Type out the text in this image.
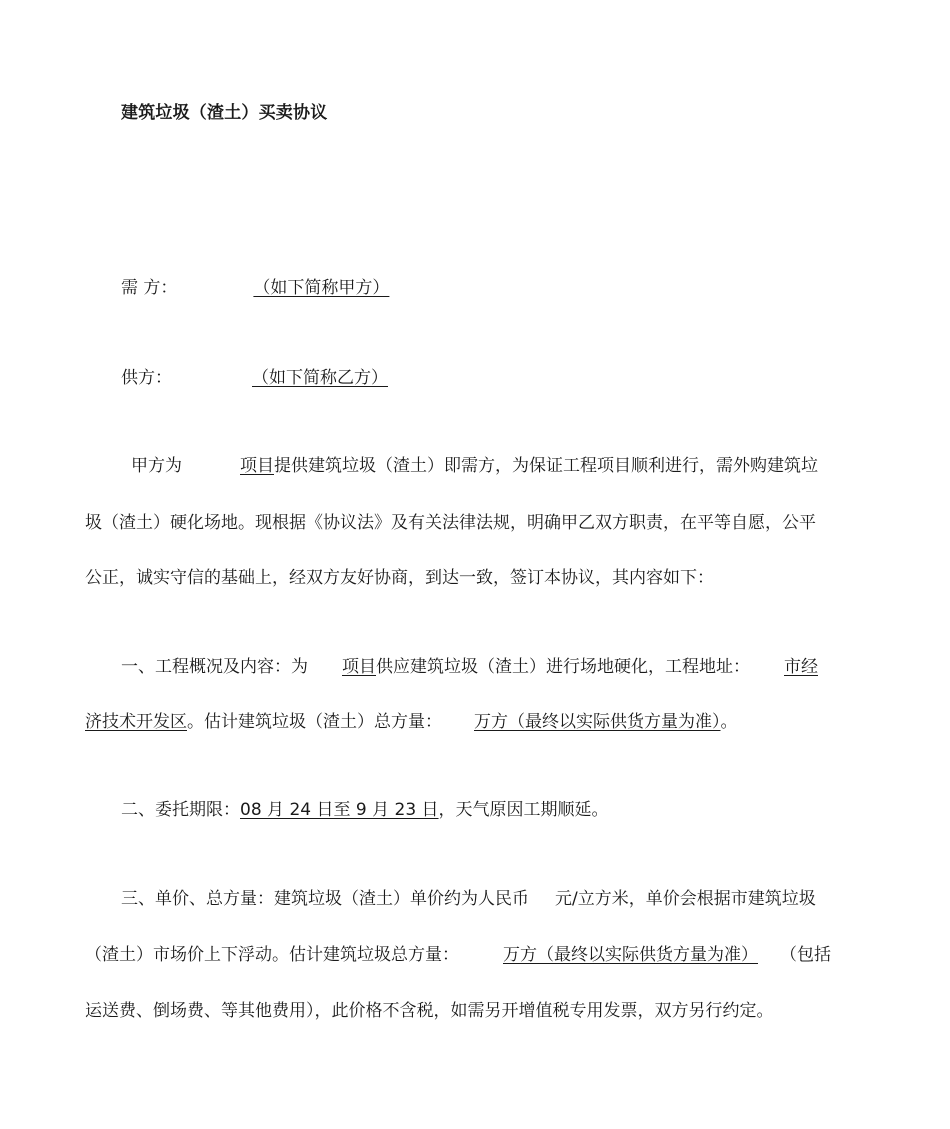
建筑垃圾（渣土）买卖协议
需 方：	（如下简称甲方）
供方：	（如下简称乙方）
甲方为	项目提供建筑垃圾（渣土）即需方，为保证工程项目顺利进行，需外购建筑垃
圾（渣土）硬化场地。现根据《协议法》及有关法律法规，明确甲乙双方职责，在平等自愿，公平
公正，诚实守信的基础上，经双方友好协商，到达一致，签订本协议，其内容如下：
一、工程概况及内容：为 项目供应建筑垃圾（渣土）进行场地硬化，工程地址： 市经
济技术开发区。估计建筑垃圾（渣土）总方量： 万方（最终以实际供货方量为准）。
二、委托期限：08 月 24 日至 9 月 23 日，天气原因工期顺延。
三、单价、总方量：建筑垃圾（渣土）单价约为人民币 元/立方米，单价会根据市建筑垃圾
（渣土）市场价上下浮动。估计建筑垃圾总方量：	万方（最终以实际供货方量为准） （包括
运送费、倒场费、等其他费用），此价格不含税，如需另开增值税专用发票，双方另行约定。
